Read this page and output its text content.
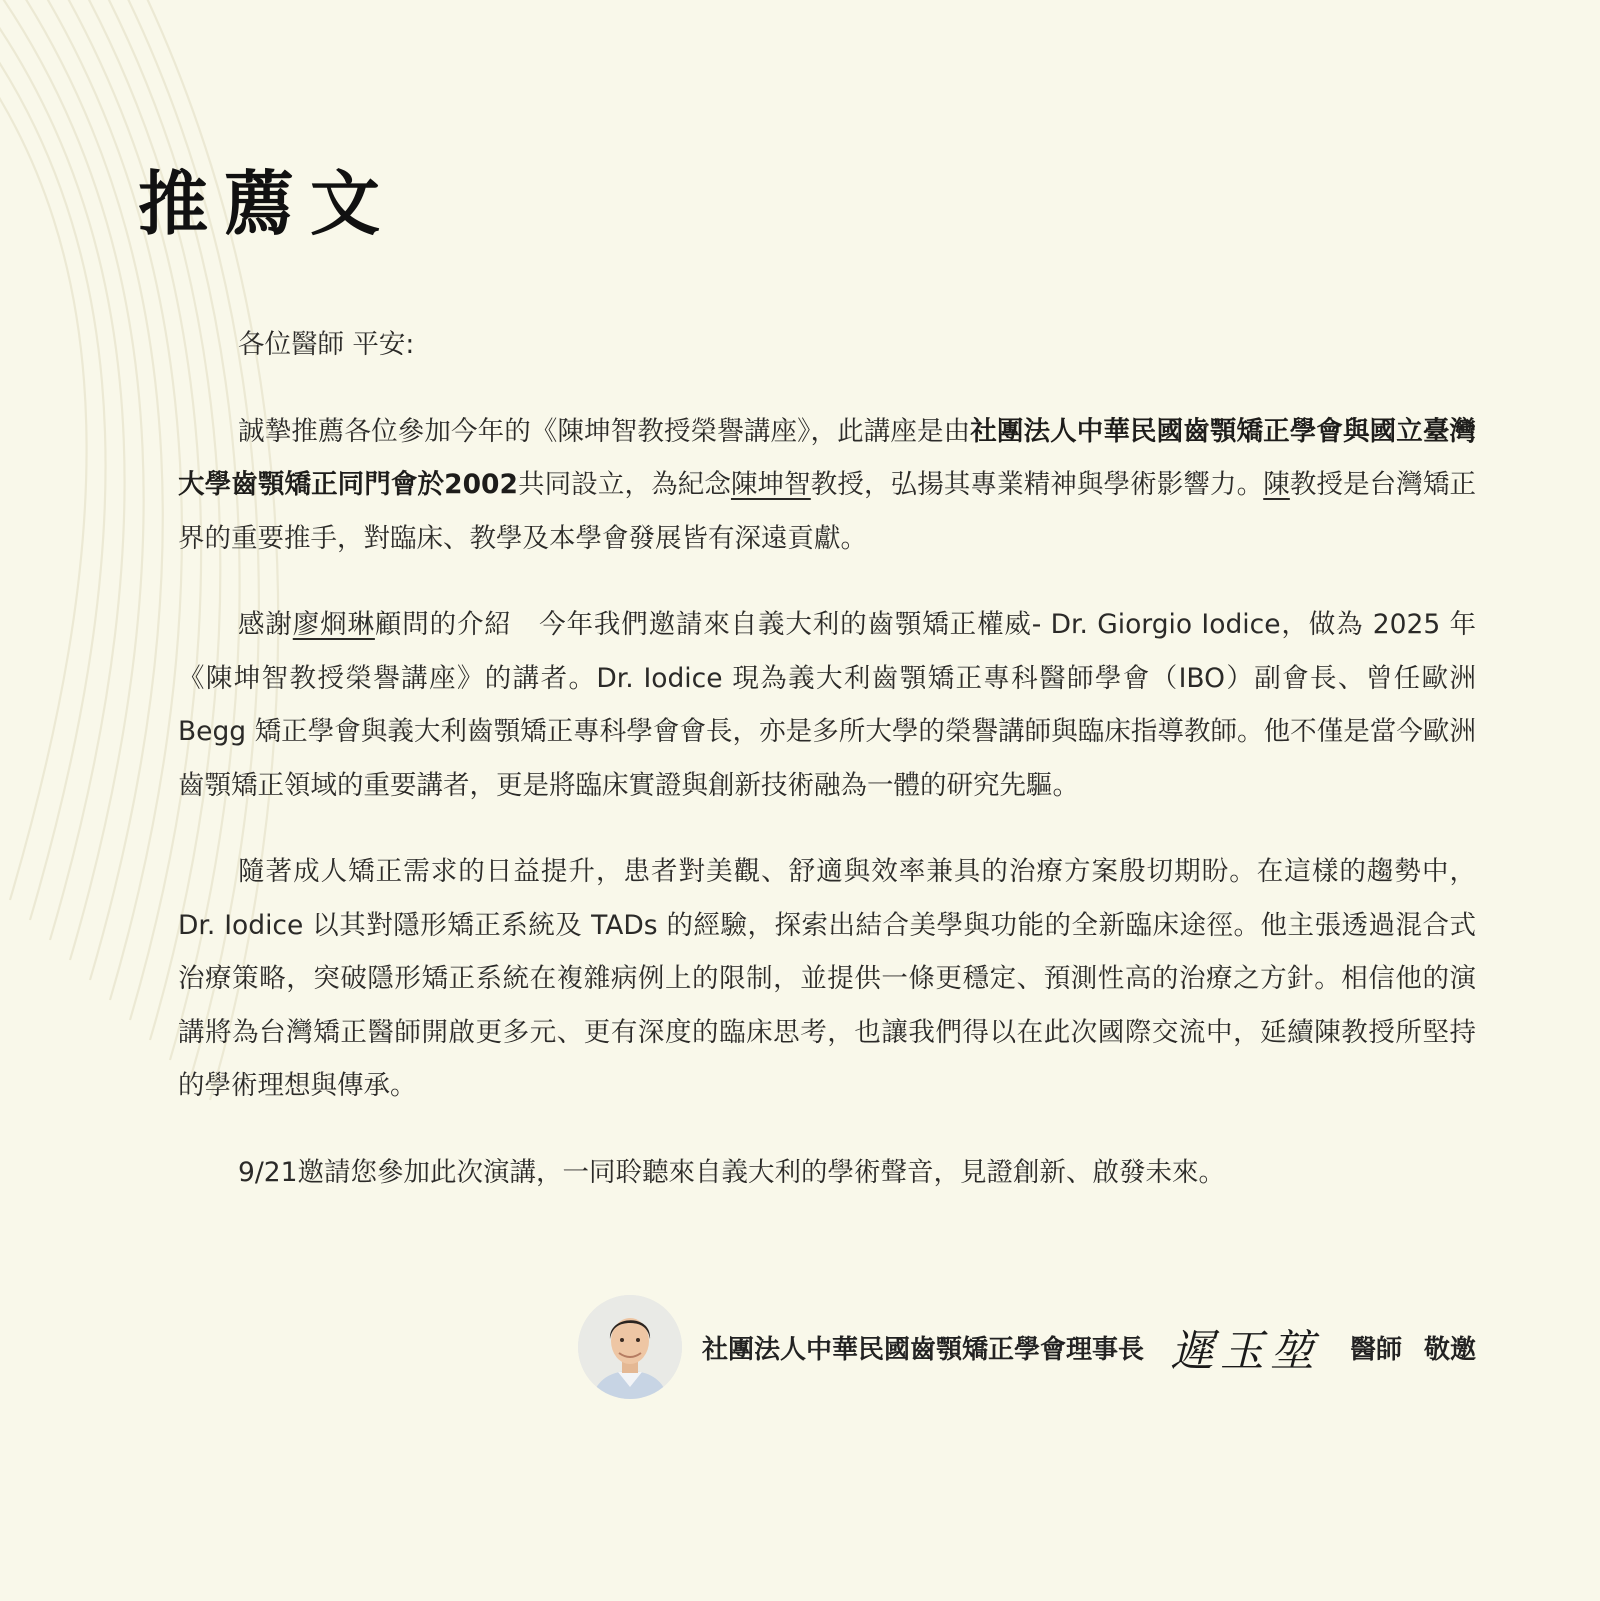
推薦文

各位醫師 平安:

誠摯推薦各位參加今年的《陳坤智教授榮譽講座》，此講座是由社團法人中華民國齒顎矯正學會與國立臺灣大學齒顎矯正同門會於2002共同設立，為紀念陳坤智教授，弘揚其專業精神與學術影響力。陳教授是台灣矯正界的重要推手，對臨床、教學及本學會發展皆有深遠貢獻。

感謝廖烱琳顧問的介紹　今年我們邀請來自義大利的齒顎矯正權威- Dr. Giorgio Iodice，做為 2025 年《陳坤智教授榮譽講座》的講者。Dr. Iodice 現為義大利齒顎矯正專科醫師學會（IBO）副會長、曾任歐洲 Begg 矯正學會與義大利齒顎矯正專科學會會長，亦是多所大學的榮譽講師與臨床指導教師。他不僅是當今歐洲齒顎矯正領域的重要講者，更是將臨床實證與創新技術融為一體的研究先驅。

隨著成人矯正需求的日益提升，患者對美觀、舒適與效率兼具的治療方案殷切期盼。在這樣的趨勢中， Dr. Iodice 以其對隱形矯正系統及 TADs 的經驗，探索出結合美學與功能的全新臨床途徑。他主張透過混合式治療策略，突破隱形矯正系統在複雜病例上的限制，並提供一條更穩定、預測性高的治療之方針。相信他的演講將為台灣矯正醫師開啟更多元、更有深度的臨床思考，也讓我們得以在此次國際交流中，延續陳教授所堅持的學術理想與傳承。

9/21邀請您參加此次演講，一同聆聽來自義大利的學術聲音，見證創新、啟發未來。

社團法人中華民國齒顎矯正學會理事長 遲玉堃 醫師 敬邀
